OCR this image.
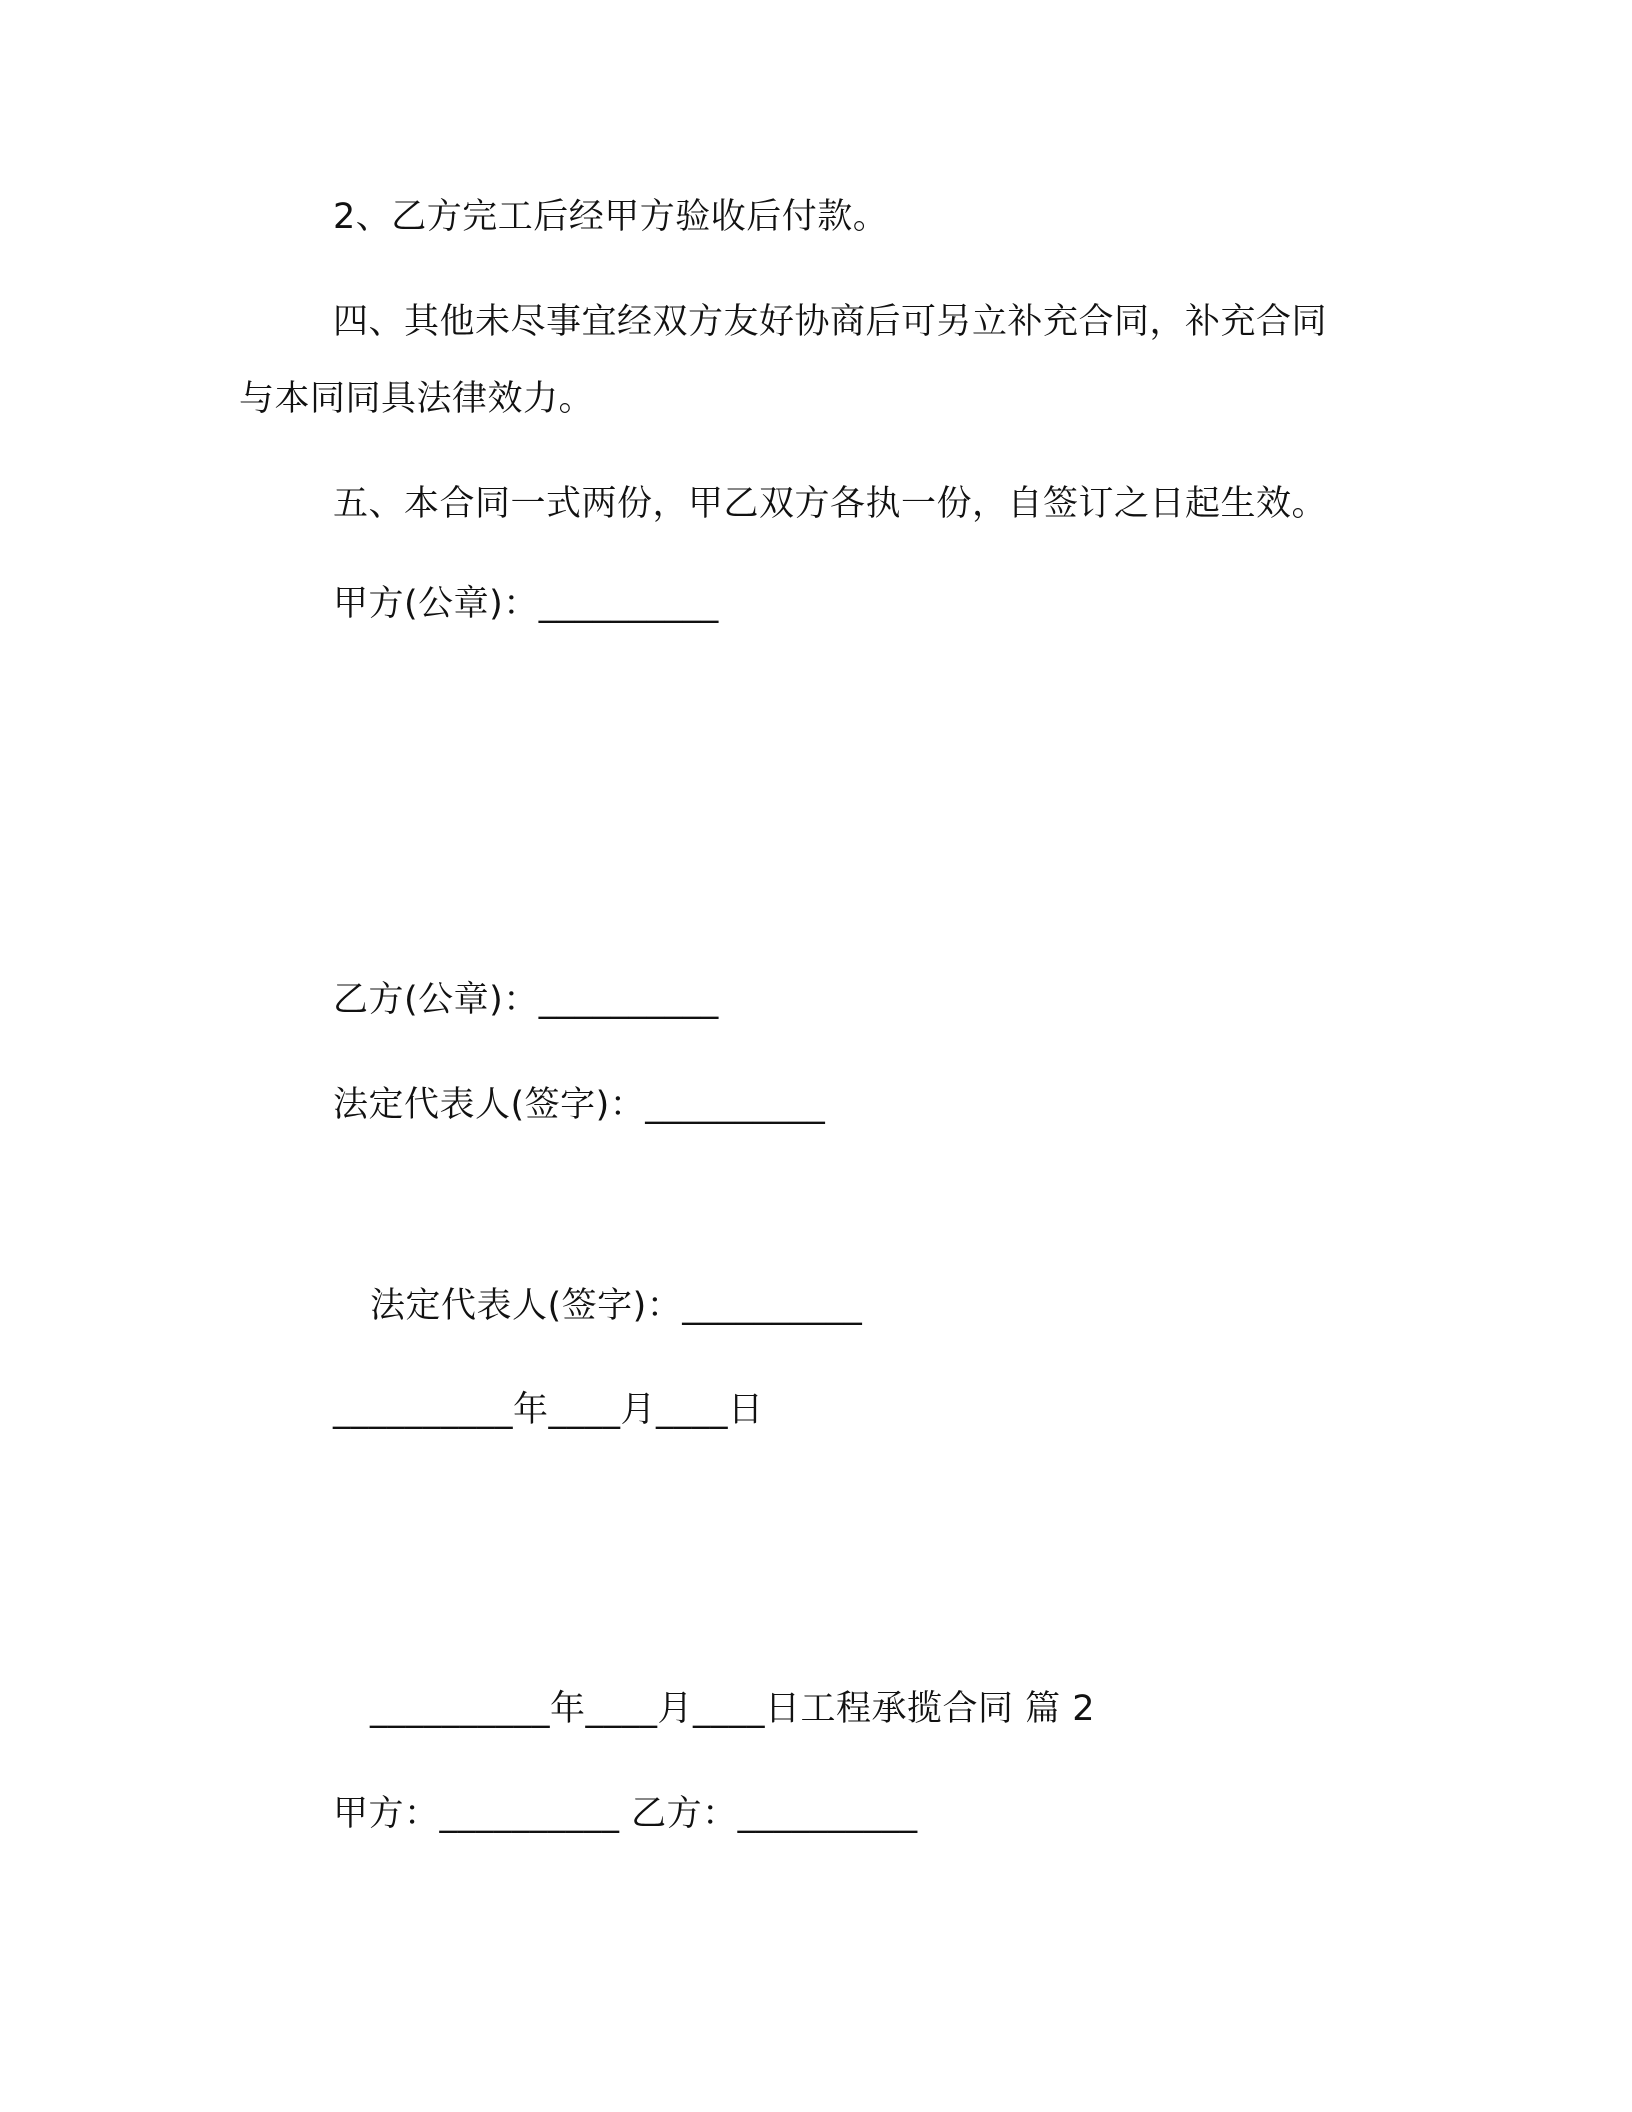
2、乙方完工后经甲方验收后付款。
四、其他未尽事宜经双方友好协商后可另立补充合同，补充合同
与本同同具法律效力。
五、本合同一式两份，甲乙双方各执一份，自签订之日起生效。
甲方(公章)：__________
乙方(公章)：__________
法定代表人(签字)：__________
法定代表人(签字)：__________
__________年____月____日
__________年____月____日工程承揽合同 篇 2
甲方：__________ 乙方：__________
